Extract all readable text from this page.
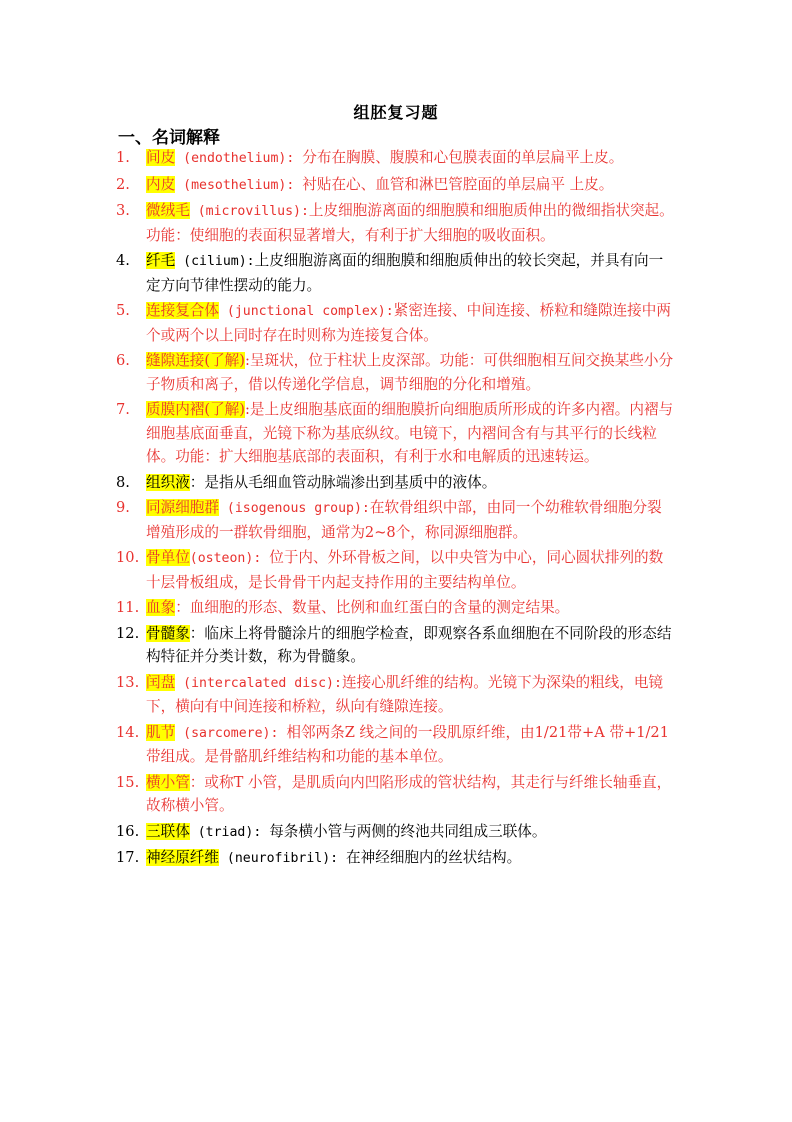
组胚复习题
一、名词解释
1.	间皮 (endothelium): 分布在胸膜、腹膜和心包膜表面的单层扁平上皮。
2.	内皮 (mesothelium): 衬贴在心、血管和淋巴管腔面的单层扁平 上皮。
3.	微绒毛 (microvillus):上皮细胞游离面的细胞膜和细胞质伸出的微细指状突起。功能：使细胞的表面积显著增大，有利于扩大细胞的吸收面积。
4.	纤毛 (cilium):上皮细胞游离面的细胞膜和细胞质伸出的较长突起，并具有向一定方向节律性摆动的能力。
5.	连接复合体 (junctional complex):紧密连接、中间连接、桥粒和缝隙连接中两个或两个以上同时存在时则称为连接复合体。
6.	缝隙连接(了解):呈斑状，位于柱状上皮深部。功能：可供细胞相互间交换某些小分子物质和离子，借以传递化学信息，调节细胞的分化和增殖。
7.	质膜内褶(了解):是上皮细胞基底面的细胞膜折向细胞质所形成的许多内褶。内褶与细胞基底面垂直，光镜下称为基底纵纹。电镜下，内褶间含有与其平行的长线粒体。功能：扩大细胞基底部的表面积，有利于水和电解质的迅速转运。
8.	组织液：是指从毛细血管动脉端渗出到基质中的液体。
9.	同源细胞群 (isogenous group):在软骨组织中部，由同一个幼稚软骨细胞分裂增殖形成的一群软骨细胞，通常为2~8个，称同源细胞群。
10. 骨单位(osteon): 位于内、外环骨板之间，以中央管为中心，同心圆状排列的数十层骨板组成，是长骨骨干内起支持作用的主要结构单位。
11. 血象：血细胞的形态、数量、比例和血红蛋白的含量的测定结果。
12. 骨髓象：临床上将骨髓涂片的细胞学检查，即观察各系血细胞在不同阶段的形态结构特征并分类计数，称为骨髓象。
13. 闰盘 (intercalated disc):连接心肌纤维的结构。光镜下为深染的粗线，电镜下，横向有中间连接和桥粒，纵向有缝隙连接。
14. 肌节 (sarcomere): 相邻两条Z 线之间的一段肌原纤维，由1/21带+A 带+1/21带组成。是骨骼肌纤维结构和功能的基本单位。
15. 横小管：或称T 小管，是肌质向内凹陷形成的管状结构，其走行与纤维长轴垂直，故称横小管。
16. 三联体 (triad): 每条横小管与两侧的终池共同组成三联体。
17. 神经原纤维 (neurofibril): 在神经细胞内的丝状结构。
